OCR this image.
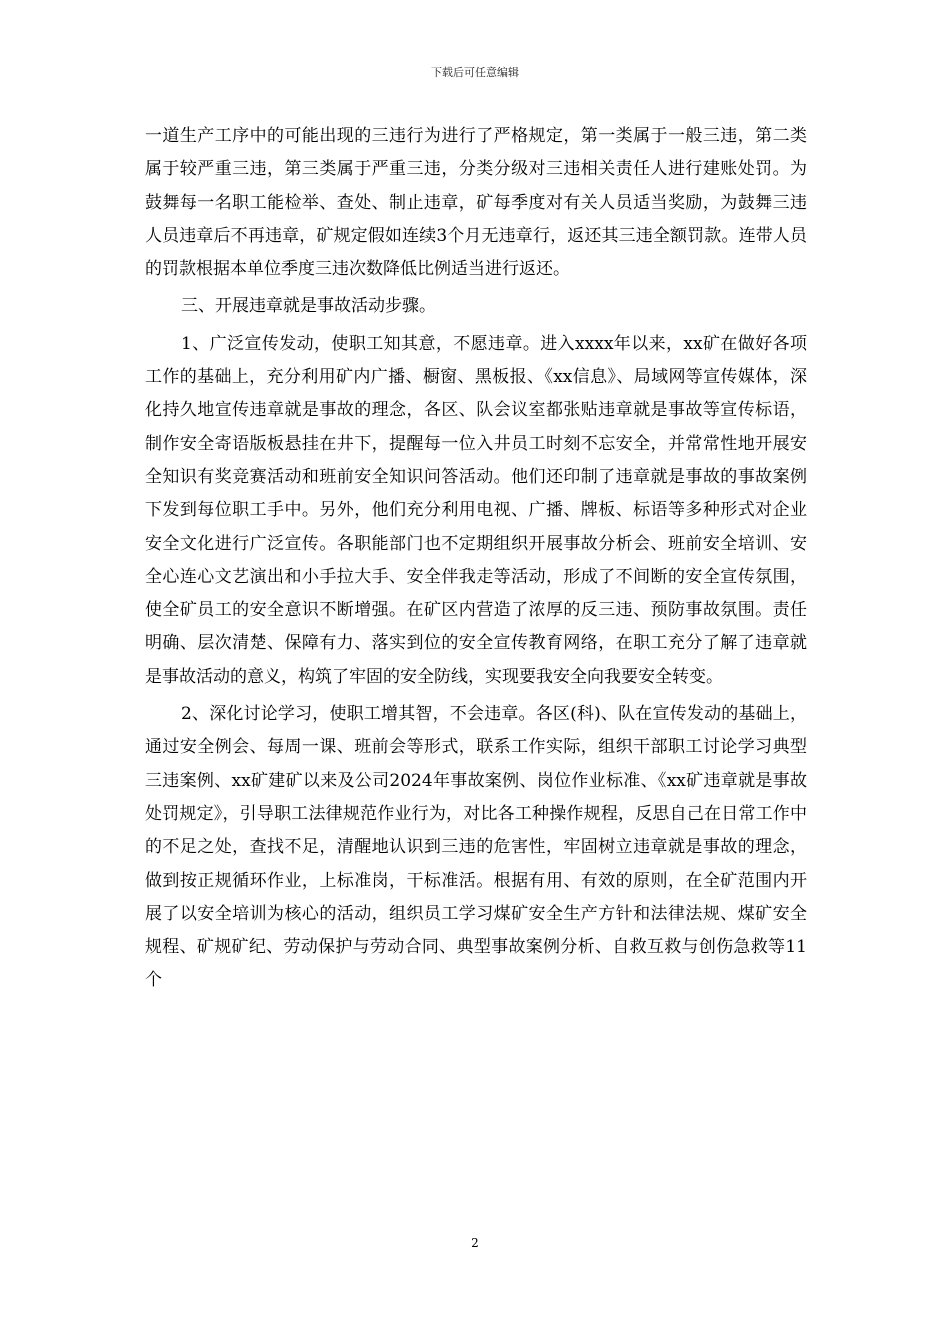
下载后可任意编辑

一道生产工序中的可能出现的三违行为进行了严格规定，第一类属于一般三违，第二类属于较严重三违，第三类属于严重三违，分类分级对三违相关责任人进行建账处罚。为鼓舞每一名职工能检举、查处、制止违章，矿每季度对有关人员适当奖励，为鼓舞三违人员违章后不再违章，矿规定假如连续3个月无违章行，返还其三违全额罚款。连带人员的罚款根据本单位季度三违次数降低比例适当进行返还。

三、开展违章就是事故活动步骤。

1、广泛宣传发动，使职工知其意，不愿违章。进入xxxx年以来，xx矿在做好各项工作的基础上，充分利用矿内广播、橱窗、黑板报、《xx信息》、局域网等宣传媒体，深化持久地宣传违章就是事故的理念，各区、队会议室都张贴违章就是事故等宣传标语，制作安全寄语版板悬挂在井下，提醒每一位入井员工时刻不忘安全，并常常性地开展安全知识有奖竞赛活动和班前安全知识问答活动。他们还印制了违章就是事故的事故案例下发到每位职工手中。另外，他们充分利用电视、广播、牌板、标语等多种形式对企业安全文化进行广泛宣传。各职能部门也不定期组织开展事故分析会、班前安全培训、安全心连心文艺演出和小手拉大手、安全伴我走等活动，形成了不间断的安全宣传氛围，使全矿员工的安全意识不断增强。在矿区内营造了浓厚的反三违、预防事故氛围。责任明确、层次清楚、保障有力、落实到位的安全宣传教育网络，在职工充分了解了违章就是事故活动的意义，构筑了牢固的安全防线，实现要我安全向我要安全转变。

2、深化讨论学习，使职工增其智，不会违章。各区(科)、队在宣传发动的基础上，通过安全例会、每周一课、班前会等形式，联系工作实际，组织干部职工讨论学习典型三违案例、xx矿建矿以来及公司2024年事故案例、岗位作业标准、《xx矿违章就是事故处罚规定》，引导职工法律规范作业行为，对比各工种操作规程，反思自己在日常工作中的不足之处，查找不足，清醒地认识到三违的危害性，牢固树立违章就是事故的理念，做到按正规循环作业，上标准岗，干标准活。根据有用、有效的原则，在全矿范围内开展了以安全培训为核心的活动，组织员工学习煤矿安全生产方针和法律法规、煤矿安全规程、矿规矿纪、劳动保护与劳动合同、典型事故案例分析、自救互救与创伤急救等11个

2
